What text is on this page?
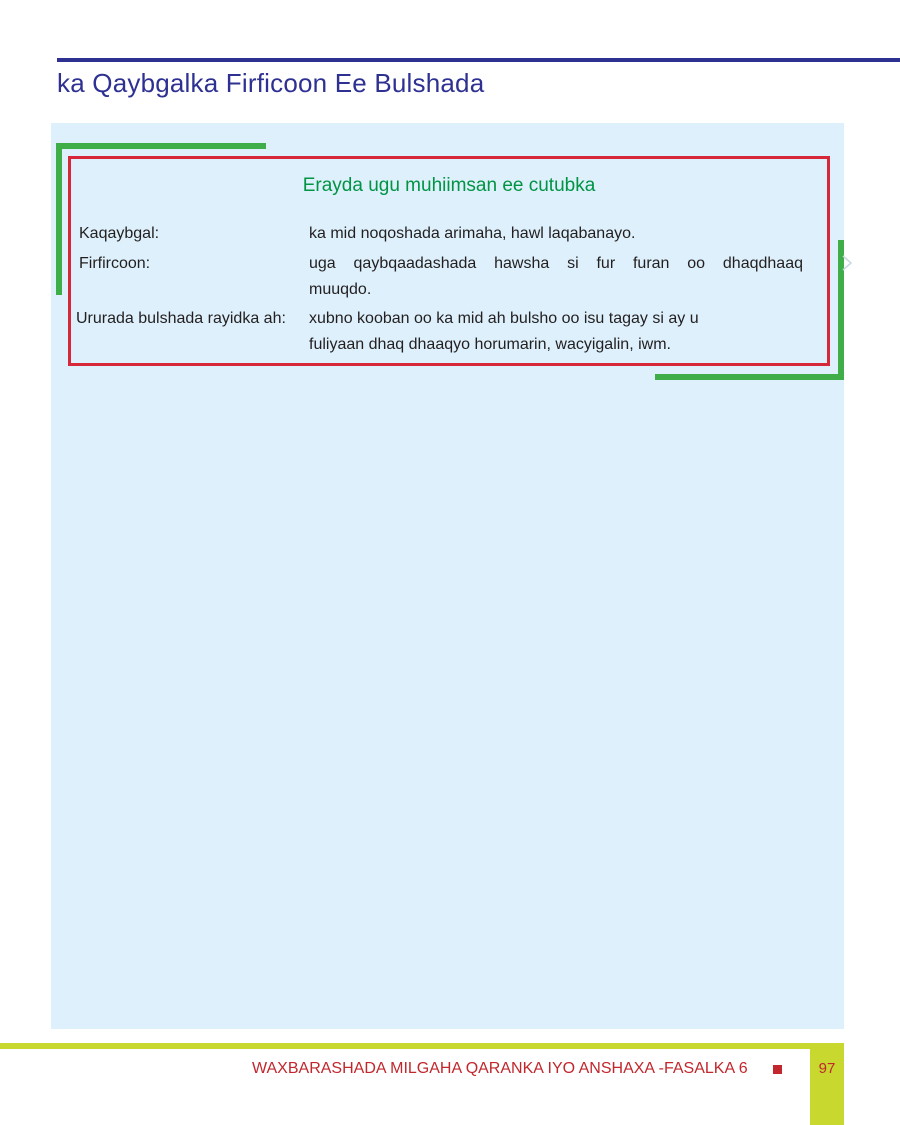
ka Qaybgalka Firficoon Ee Bulshada
Erayda ugu muhiimsan ee cutubka
Kaqaybgal:	ka mid noqoshada arimaha, hawl laqabanayo.
Firfircoon:	uga qaybqaadashada hawsha si fur furan oo dhaqdhaaq
muuqdo.
Ururada bulshada rayidka ah: xubno kooban oo ka mid ah bulsho oo isu tagay si ay u
fuliyaan dhaq dhaaqyo horumarin, wacyigalin, iwm.
97
WAXBARASHADA MILGAHA QARANKA IYO ANSHAXA -FASALKA 6
